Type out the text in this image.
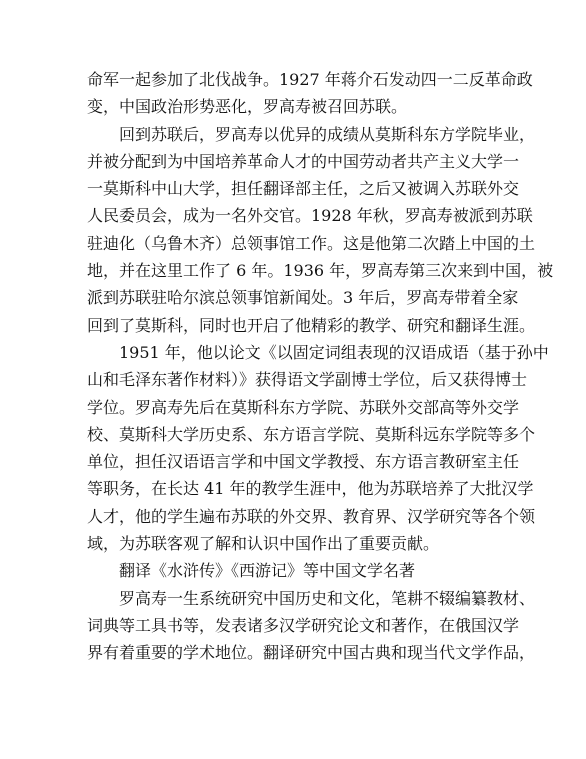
命军一起参加了北伐战争。1927 年蒋介石发动四一二反革命政
变，中国政治形势恶化，罗高寿被召回苏联。
回到苏联后，罗高寿以优异的成绩从莫斯科东方学院毕业，
并被分配到为中国培养革命人才的中国劳动者共产主义大学一
一莫斯科中山大学，担任翻译部主任，之后又被调入苏联外交
人民委员会，成为一名外交官。1928 年秋，罗高寿被派到苏联
驻迪化（乌鲁木齐）总领事馆工作。这是他第二次踏上中国的土
地，并在这里工作了 6 年。1936 年，罗高寿第三次来到中国，被
派到苏联驻哈尔滨总领事馆新闻处。3 年后，罗高寿带着全家
回到了莫斯科，同时也开启了他精彩的教学、研究和翻译生涯。
1951 年，他以论文《以固定词组表现的汉语成语（基于孙中
山和毛泽东著作材料）》获得语文学副博士学位，后又获得博士
学位。罗高寿先后在莫斯科东方学院、苏联外交部高等外交学
校、莫斯科大学历史系、东方语言学院、莫斯科远东学院等多个
单位，担任汉语语言学和中国文学教授、东方语言教研室主任
等职务，在长达 41 年的教学生涯中，他为苏联培养了大批汉学
人才，他的学生遍布苏联的外交界、教育界、汉学研究等各个领
域，为苏联客观了解和认识中国作出了重要贡献。
翻译《水浒传》《西游记》等中国文学名著
罗高寿一生系统研究中国历史和文化，笔耕不辍编纂教材、
词典等工具书等，发表诸多汉学研究论文和著作，在俄国汉学
界有着重要的学术地位。翻译研究中国古典和现当代文学作品，
